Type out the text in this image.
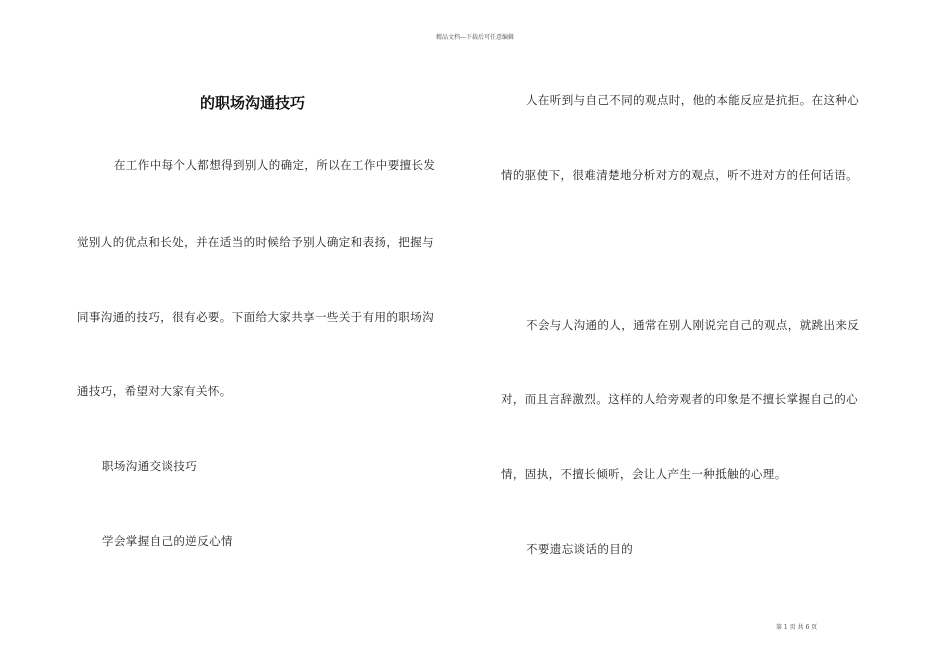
精品文档---下载后可任意编辑
的职场沟通技巧

在工作中每个人都想得到别人的确定，所以在工作中要擅长发

觉别人的优点和长处，并在适当的时候给予别人确定和表扬，把握与

同事沟通的技巧，很有必要。下面给大家共享一些关于有用的职场沟

通技巧，希望对大家有关怀。

职场沟通交谈技巧

学会掌握自己的逆反心情

人在听到与自己不同的观点时，他的本能反应是抗拒。在这种心

情的驱使下，很难清楚地分析对方的观点，听不进对方的任何话语。

不会与人沟通的人，通常在别人刚说完自己的观点，就跳出来反

对，而且言辞激烈。这样的人给旁观者的印象是不擅长掌握自己的心

情，固执，不擅长倾听，会让人产生一种抵触的心理。

不要遗忘谈话的目的

第 1 页 共 6 页
